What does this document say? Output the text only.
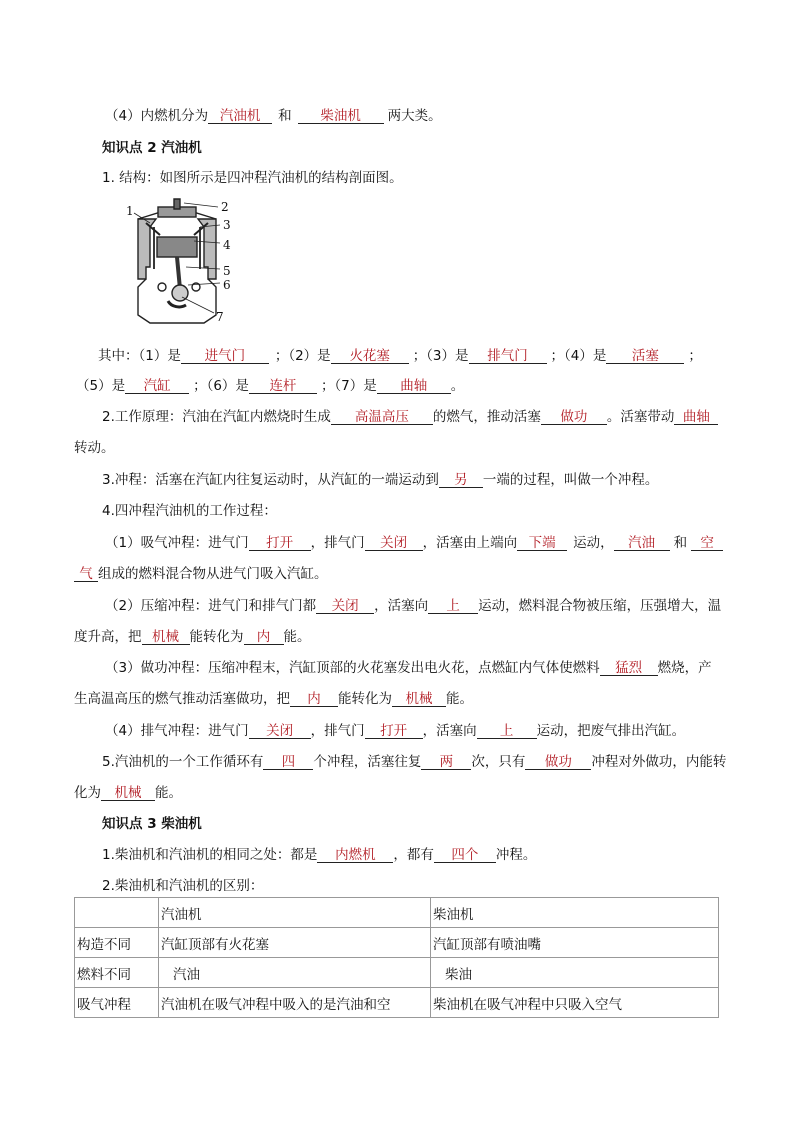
（4）内燃机分为 汽油机 和 柴油机 两大类。
知识点 2 汽油机
1. 结构：如图所示是四冲程汽油机的结构剖面图。
1	2
3
4
5
6
7
其中：（1）是 进气门 ；（2）是 火花塞 ；（3）是 排气门 ；（4）是 活塞 ；
（5）是 汽缸 ；（6）是 连杆 ；（7）是 曲轴 。
2.工作原理：汽油在汽缸内燃烧时生成 高温高压 的燃气，推动活塞 做功 。活塞带动 曲轴
转动。
3.冲程：活塞在汽缸内往复运动时，从汽缸的一端运动到 另 一端的过程，叫做一个冲程。
4.四冲程汽油机的工作过程：
（1）吸气冲程：进气门 打开 ，排气门 关闭 ，活塞由上端向 下端 运动， 汽油 和 空
气 组成的燃料混合物从进气门吸入汽缸。
（2）压缩冲程：进气门和排气门都 关闭 ，活塞向 上 运动，燃料混合物被压缩，压强增大，温
度升高，把 机械 能转化为 内 能。
（3）做功冲程：压缩冲程末，汽缸顶部的火花塞发出电火花，点燃缸内气体使燃料 猛烈 燃烧，产
生高温高压的燃气推动活塞做功，把 内 能转化为 机械 能。
（4）排气冲程：进气门 关闭 ，排气门 打开 ，活塞向 上 运动，把废气排出汽缸。
5.汽油机的一个工作循环有 四 个冲程，活塞往复 两 次，只有 做功 冲程对外做功，内能转
化为 机械 能。
知识点 3 柴油机
1.柴油机和汽油机的相同之处：都是 内燃机 ，都有 四个 冲程。
2.柴油机和汽油机的区别：
	汽油机	柴油机
构造不同	汽缸顶部有火花塞	汽缸顶部有喷油嘴
燃料不同	汽油	柴油
吸气冲程	汽油机在吸气冲程中吸入的是汽油和空	柴油机在吸气冲程中只吸入空气
